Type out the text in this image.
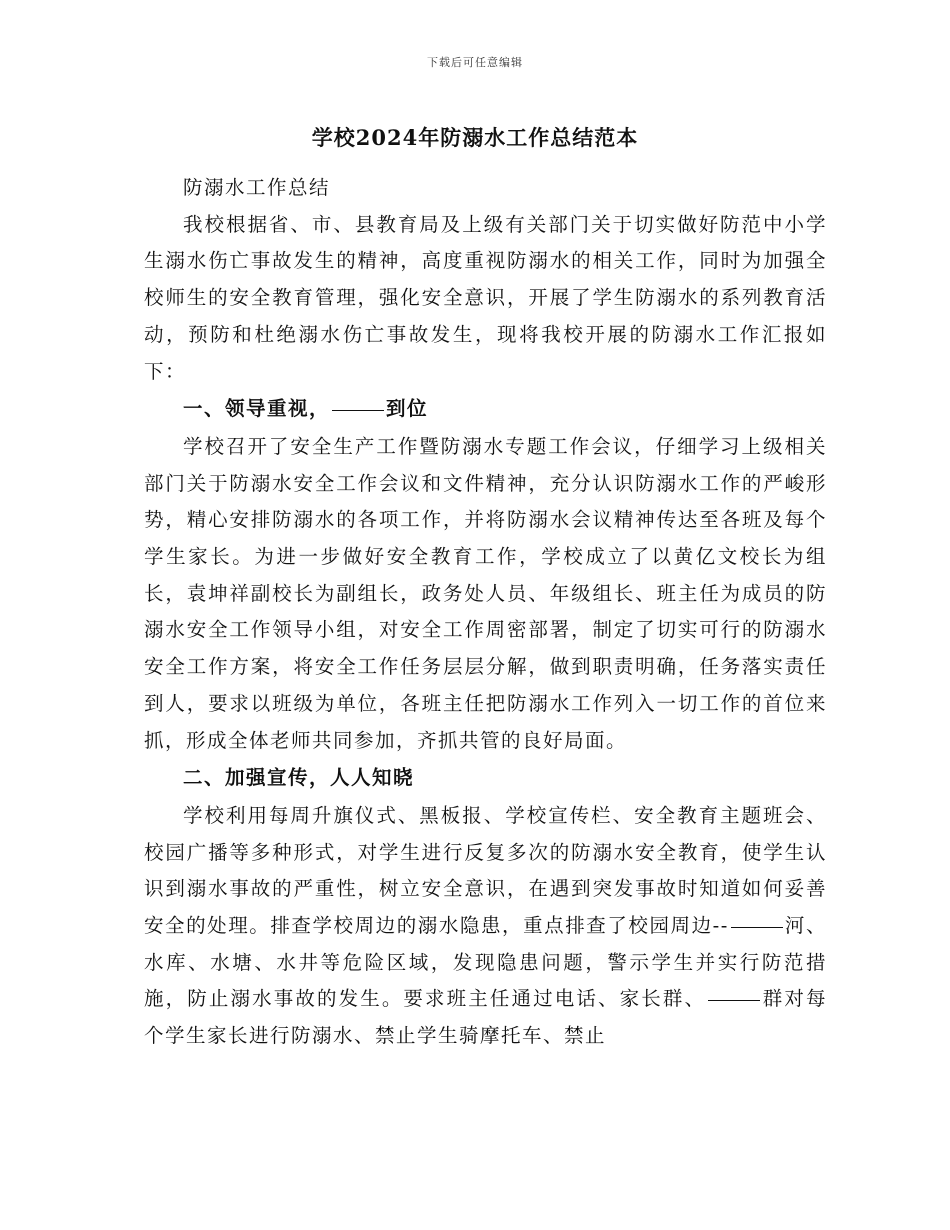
下载后可任意编辑
学校2024年防溺水工作总结范本

防溺水工作总结

我校根据省、市、县教育局及上级有关部门关于切实做好防范中小学生溺水伤亡事故发生的精神，高度重视防溺水的相关工作，同时为加强全校师生的安全教育管理，强化安全意识，开展了学生防溺水的系列教育活动，预防和杜绝溺水伤亡事故发生，现将我校开展的防溺水工作汇报如下：

一、领导重视，	到位

学校召开了安全生产工作暨防溺水专题工作会议，仔细学习上级相关部门关于防溺水安全工作会议和文件精神，充分认识防溺水工作的严峻形势，精心安排防溺水的各项工作，并将防溺水会议精神传达至各班及每个学生家长。为进一步做好安全教育工作，学校成立了以黄亿文校长为组长，袁坤祥副校长为副组长，政务处人员、年级组长、班主任为成员的防溺水安全工作领导小组，对安全工作周密部署，制定了切实可行的防溺水安全工作方案，将安全工作任务层层分解，做到职责明确，任务落实责任到人，要求以班级为单位，各班主任把防溺水工作列入一切工作的首位来抓，形成全体老师共同参加，齐抓共管的良好局面。

二、加强宣传，人人知晓

学校利用每周升旗仪式、黑板报、学校宣传栏、安全教育主题班会、校园广播等多种形式，对学生进行反复多次的防溺水安全教育，使学生认识到溺水事故的严重性，树立安全意识，在遇到突发事故时知道如何妥善安全的处理。排查学校周边的溺水隐患，重点排查了校园周边--	河、水库、水塘、水井等危险区域，发现隐患问题，警示学生并实行防范措施，防止溺水事故的发生。要求班主任通过电话、家长群、	群对每个学生家长进行防溺水、禁止学生骑摩托车、禁止
